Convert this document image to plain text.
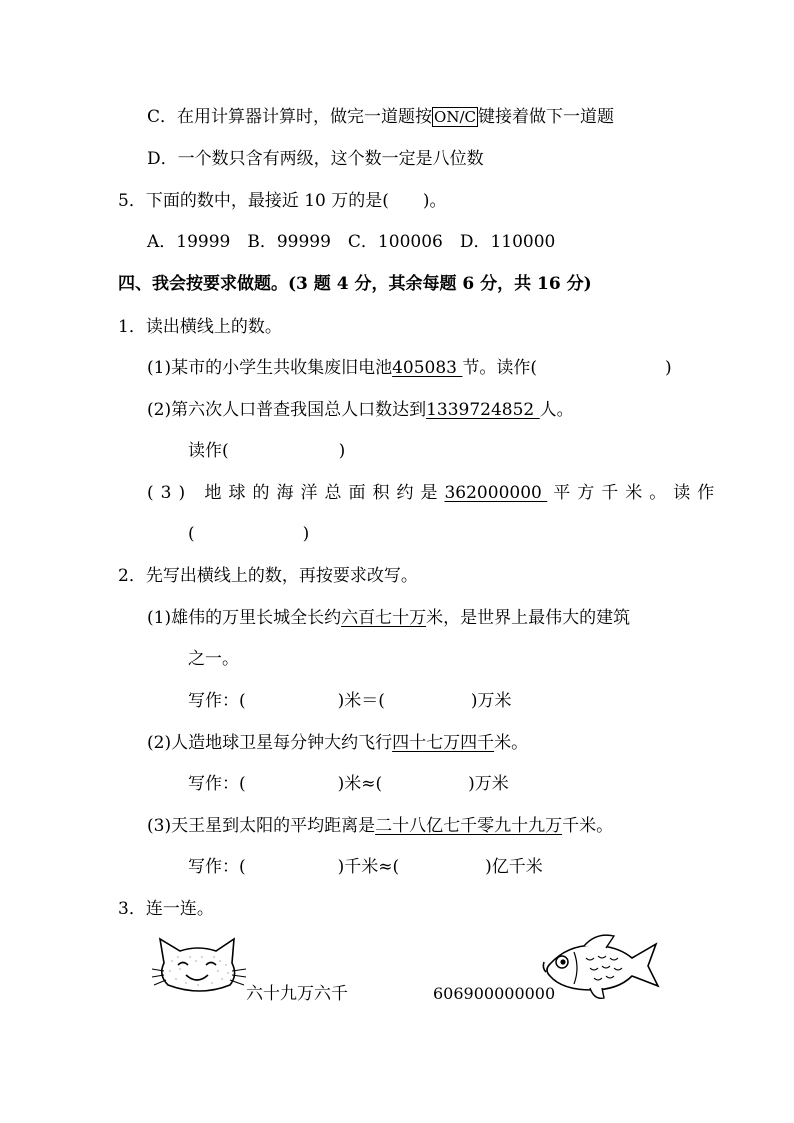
C．在用计算器计算时，做完一道题按 ON/C 键接着做下一道题
D．一个数只含有两级，这个数一定是八位数
5．下面的数中，最接近 10 万的是(　　)。
A．19999　B．99999　C．100006　D．110000
四、我会按要求做题。(3 题 4 分，其余每题 6 分，共 16 分)
1．读出横线上的数。
(1)某市的小学生共收集废旧电池405083 节。读作(	)
(2)第六次人口普查我国总人口数达到1339724852 人。
读作(	)
(3) 地球的海洋总面积约是362000000 平方千米。读作
(	)
2．先写出横线上的数，再按要求改写。
(1)雄伟的万里长城全长约六百七十万米，是世界上最伟大的建筑
之一。
写作：(	)米＝(	)万米
(2)人造地球卫星每分钟大约飞行四十七万四千米。
写作：(	)米≈(	)万米
(3)天王星到太阳的平均距离是二十八亿七千零九十九万千米。
写作：(	)千米≈(	)亿千米
3．连一连。
六十九万六千	606900000000
